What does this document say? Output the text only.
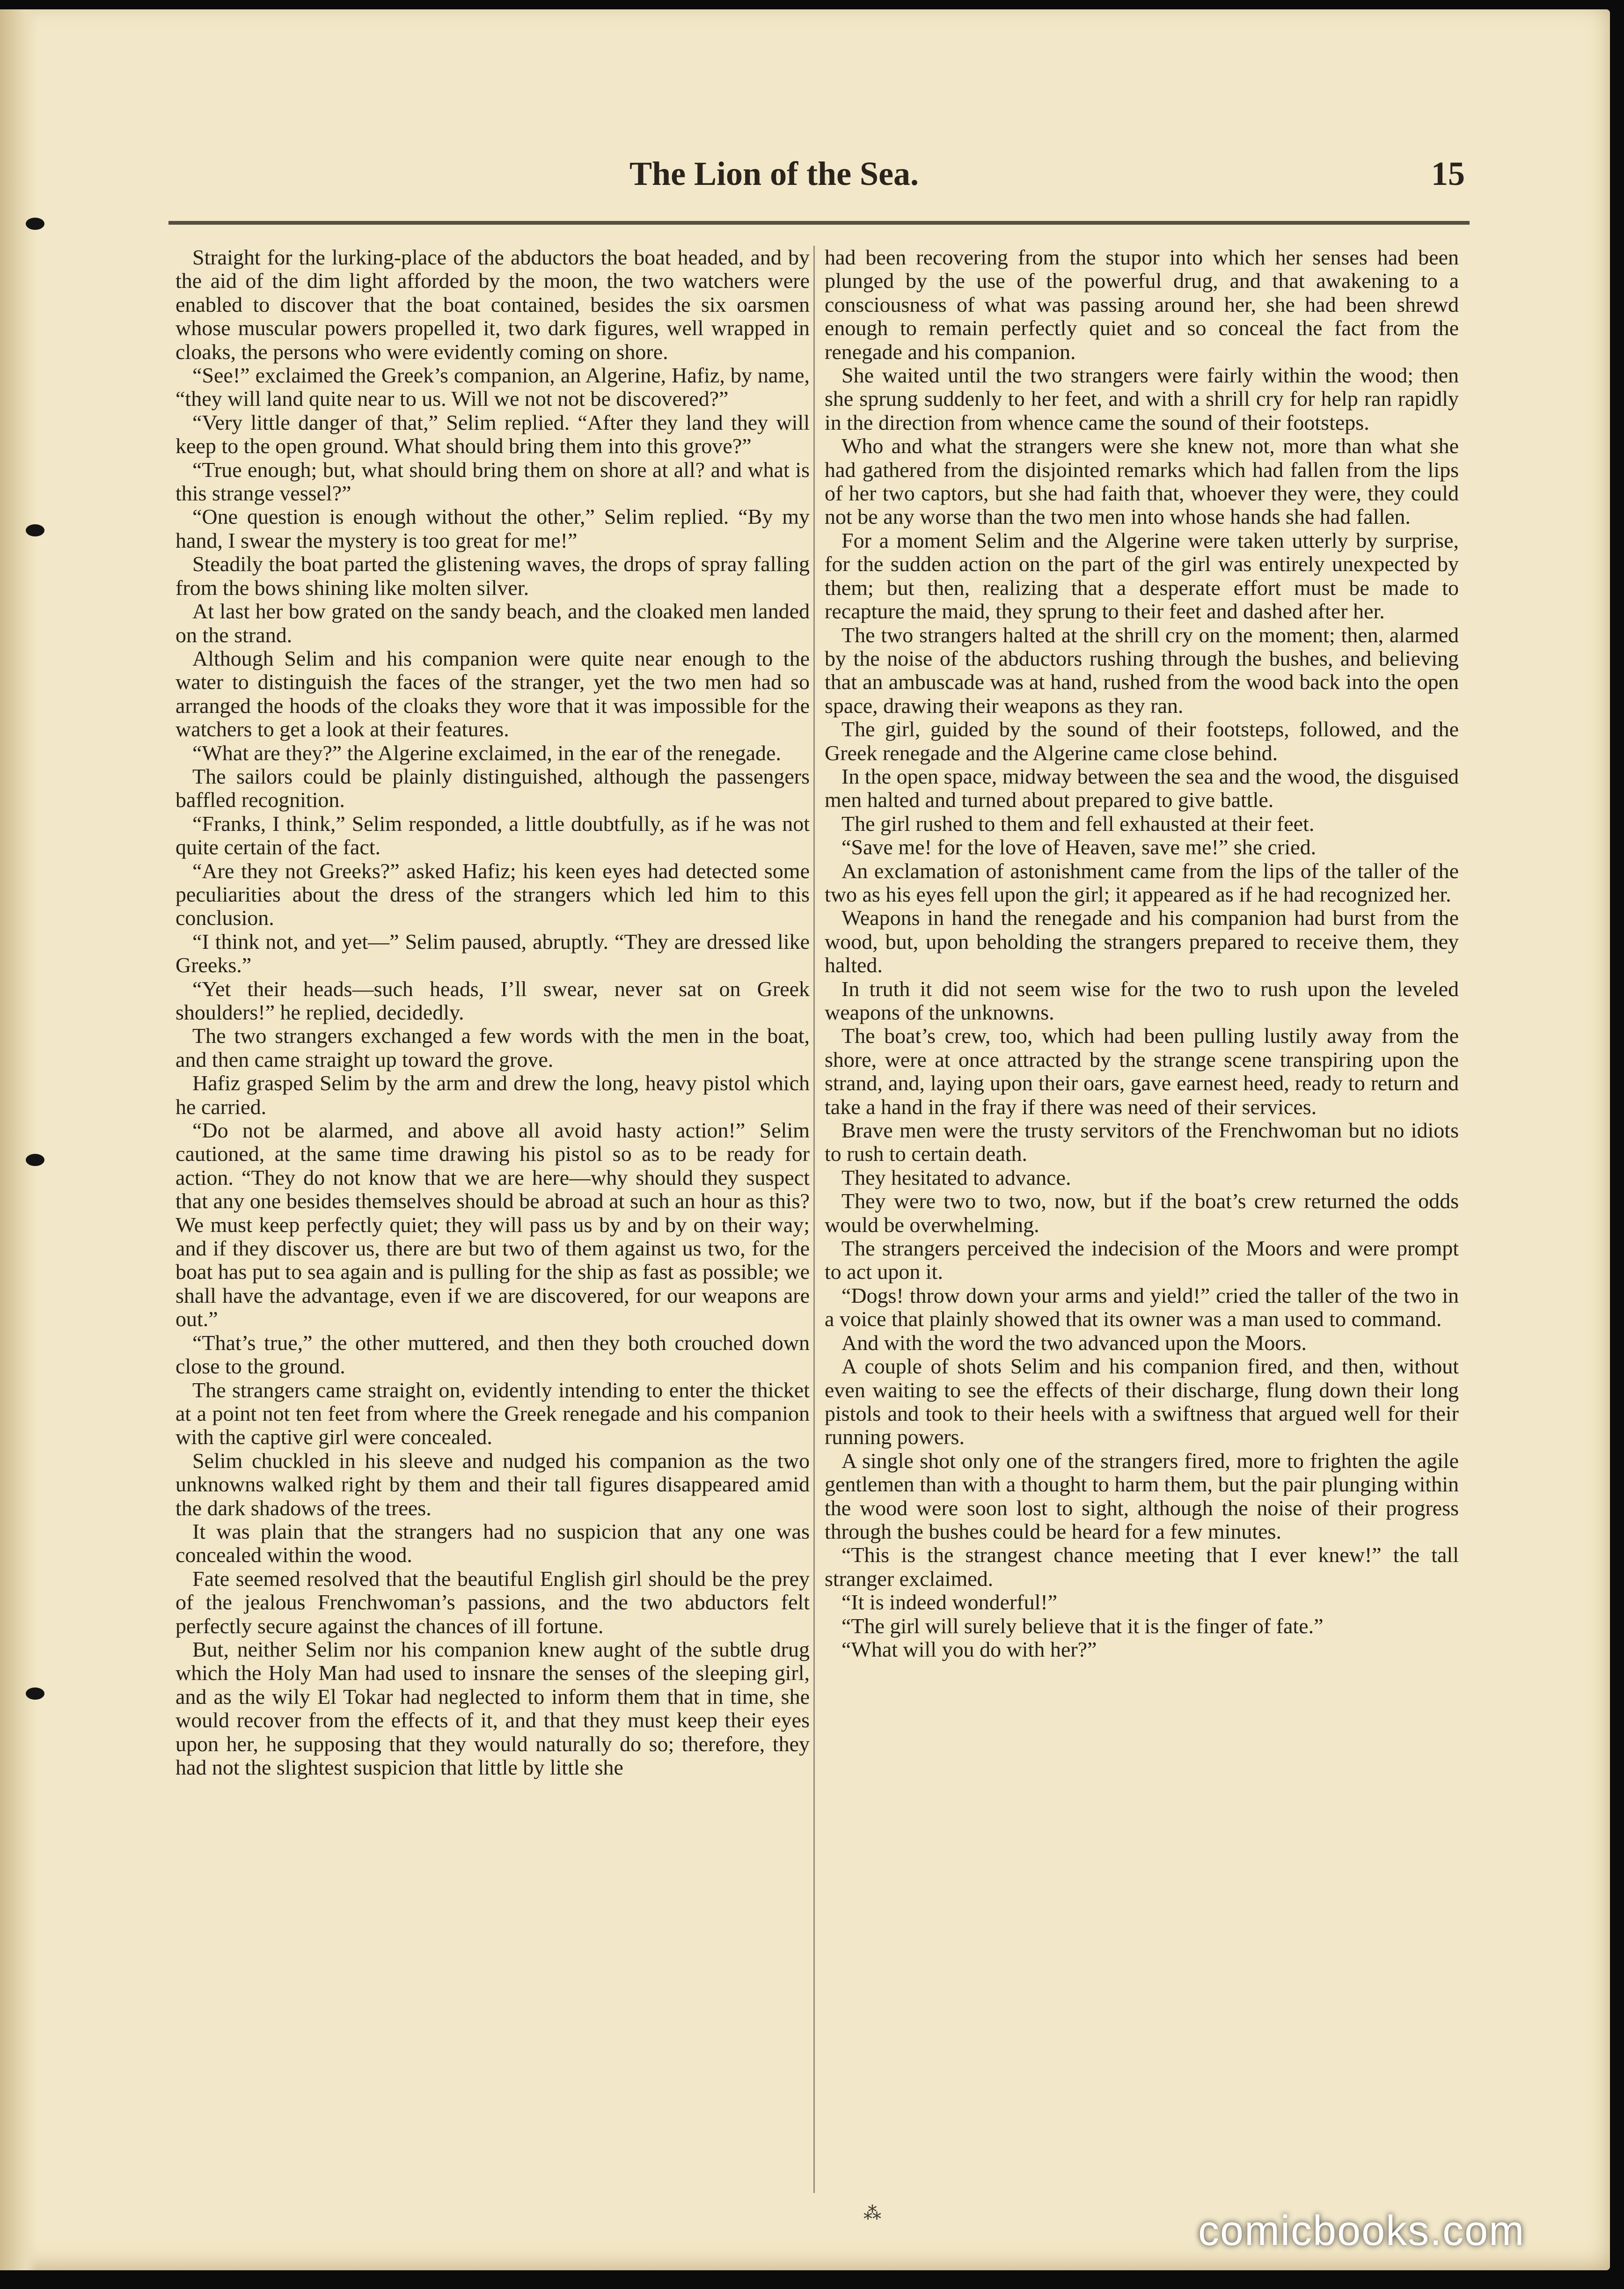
The Lion of the Sea.	15

Straight for the lurking-place of the abductors the boat headed, and by the aid of the dim light afforded by the moon, the two watchers were enabled to discover that the boat contained, besides the six oarsmen whose muscular powers propelled it, two dark figures, well wrapped in cloaks, the persons who were evidently coming on shore.

“See!” exclaimed the Greek’s companion, an Algerine, Hafiz, by name, “they will land quite near to us. Will we not not be discovered?”

“Very little danger of that,” Selim replied. “After they land they will keep to the open ground. What should bring them into this grove?”

“True enough; but, what should bring them on shore at all? and what is this strange vessel?”

“One question is enough without the other,” Selim replied. “By my hand, I swear the mystery is too great for me!”

Steadily the boat parted the glistening waves, the drops of spray falling from the bows shining like molten silver.

At last her bow grated on the sandy beach, and the cloaked men landed on the strand.

Although Selim and his companion were quite near enough to the water to distinguish the faces of the stranger, yet the two men had so arranged the hoods of the cloaks they wore that it was impossible for the watchers to get a look at their features.

“What are they?” the Algerine exclaimed, in the ear of the renegade.

The sailors could be plainly distinguished, although the passengers baffled recognition.

“Franks, I think,” Selim responded, a little doubtfully, as if he was not quite certain of the fact.

“Are they not Greeks?” asked Hafiz; his keen eyes had detected some peculiarities about the dress of the strangers which led him to this conclusion.

“I think not, and yet—” Selim paused, abruptly. “They are dressed like Greeks.”

“Yet their heads—such heads, I’ll swear, never sat on Greek shoulders!” he replied, decidedly.

The two strangers exchanged a few words with the men in the boat, and then came straight up toward the grove.

Hafiz grasped Selim by the arm and drew the long, heavy pistol which he carried.

“Do not be alarmed, and above all avoid hasty action!” Selim cautioned, at the same time drawing his pistol so as to be ready for action. “They do not know that we are here—why should they suspect that any one besides themselves should be abroad at such an hour as this? We must keep perfectly quiet; they will pass us by and by on their way; and if they discover us, there are but two of them against us two, for the boat has put to sea again and is pulling for the ship as fast as possible; we shall have the advantage, even if we are discovered, for our weapons are out.”

“That’s true,” the other muttered, and then they both crouched down close to the ground.

The strangers came straight on, evidently intending to enter the thicket at a point not ten feet from where the Greek renegade and his companion with the captive girl were concealed.

Selim chuckled in his sleeve and nudged his companion as the two unknowns walked right by them and their tall figures disappeared amid the dark shadows of the trees.

It was plain that the strangers had no suspicion that any one was concealed within the wood.

Fate seemed resolved that the beautiful English girl should be the prey of the jealous Frenchwoman’s passions, and the two abductors felt perfectly secure against the chances of ill fortune.

But, neither Selim nor his companion knew aught of the subtle drug which the Holy Man had used to insnare the senses of the sleeping girl, and as the wily El Tokar had neglected to inform them that in time, she would recover from the effects of it, and that they must keep their eyes upon her, he supposing that they would naturally do so; therefore, they had not the slightest suspicion that little by little she

had been recovering from the stupor into which her senses had been plunged by the use of the powerful drug, and that awakening to a consciousness of what was passing around her, she had been shrewd enough to remain perfectly quiet and so conceal the fact from the renegade and his companion.

She waited until the two strangers were fairly within the wood; then she sprung suddenly to her feet, and with a shrill cry for help ran rapidly in the direction from whence came the sound of their footsteps.

Who and what the strangers were she knew not, more than what she had gathered from the disjointed remarks which had fallen from the lips of her two captors, but she had faith that, whoever they were, they could not be any worse than the two men into whose hands she had fallen.

For a moment Selim and the Algerine were taken utterly by surprise, for the sudden action on the part of the girl was entirely unexpected by them; but then, realizing that a desperate effort must be made to recapture the maid, they sprung to their feet and dashed after her.

The two strangers halted at the shrill cry on the moment; then, alarmed by the noise of the abductors rushing through the bushes, and believing that an ambuscade was at hand, rushed from the wood back into the open space, drawing their weapons as they ran.

The girl, guided by the sound of their footsteps, followed, and the Greek renegade and the Algerine came close behind.

In the open space, midway between the sea and the wood, the disguised men halted and turned about prepared to give battle.

The girl rushed to them and fell exhausted at their feet.

“Save me! for the love of Heaven, save me!” she cried.

An exclamation of astonishment came from the lips of the taller of the two as his eyes fell upon the girl; it appeared as if he had recognized her.

Weapons in hand the renegade and his companion had burst from the wood, but, upon beholding the strangers prepared to receive them, they halted.

In truth it did not seem wise for the two to rush upon the leveled weapons of the unknowns.

The boat’s crew, too, which had been pulling lustily away from the shore, were at once attracted by the strange scene transpiring upon the strand, and, laying upon their oars, gave earnest heed, ready to return and take a hand in the fray if there was need of their services.

Brave men were the trusty servitors of the Frenchwoman but no idiots to rush to certain death.

They hesitated to advance.

They were two to two, now, but if the boat’s crew returned the odds would be overwhelming.

The strangers perceived the indecision of the Moors and were prompt to act upon it.

“Dogs! throw down your arms and yield!” cried the taller of the two in a voice that plainly showed that its owner was a man used to command.

And with the word the two advanced upon the Moors.

A couple of shots Selim and his companion fired, and then, without even waiting to see the effects of their discharge, flung down their long pistols and took to their heels with a swiftness that argued well for their running powers.

A single shot only one of the strangers fired, more to frighten the agile gentlemen than with a thought to harm them, but the pair plunging within the wood were soon lost to sight, although the noise of their progress through the bushes could be heard for a few minutes.

“This is the strangest chance meeting that I ever knew!” the tall stranger exclaimed.

“It is indeed wonderful!”

“The girl will surely believe that it is the finger of fate.”

“What will you do with her?”

⁂	comicbooks.com
